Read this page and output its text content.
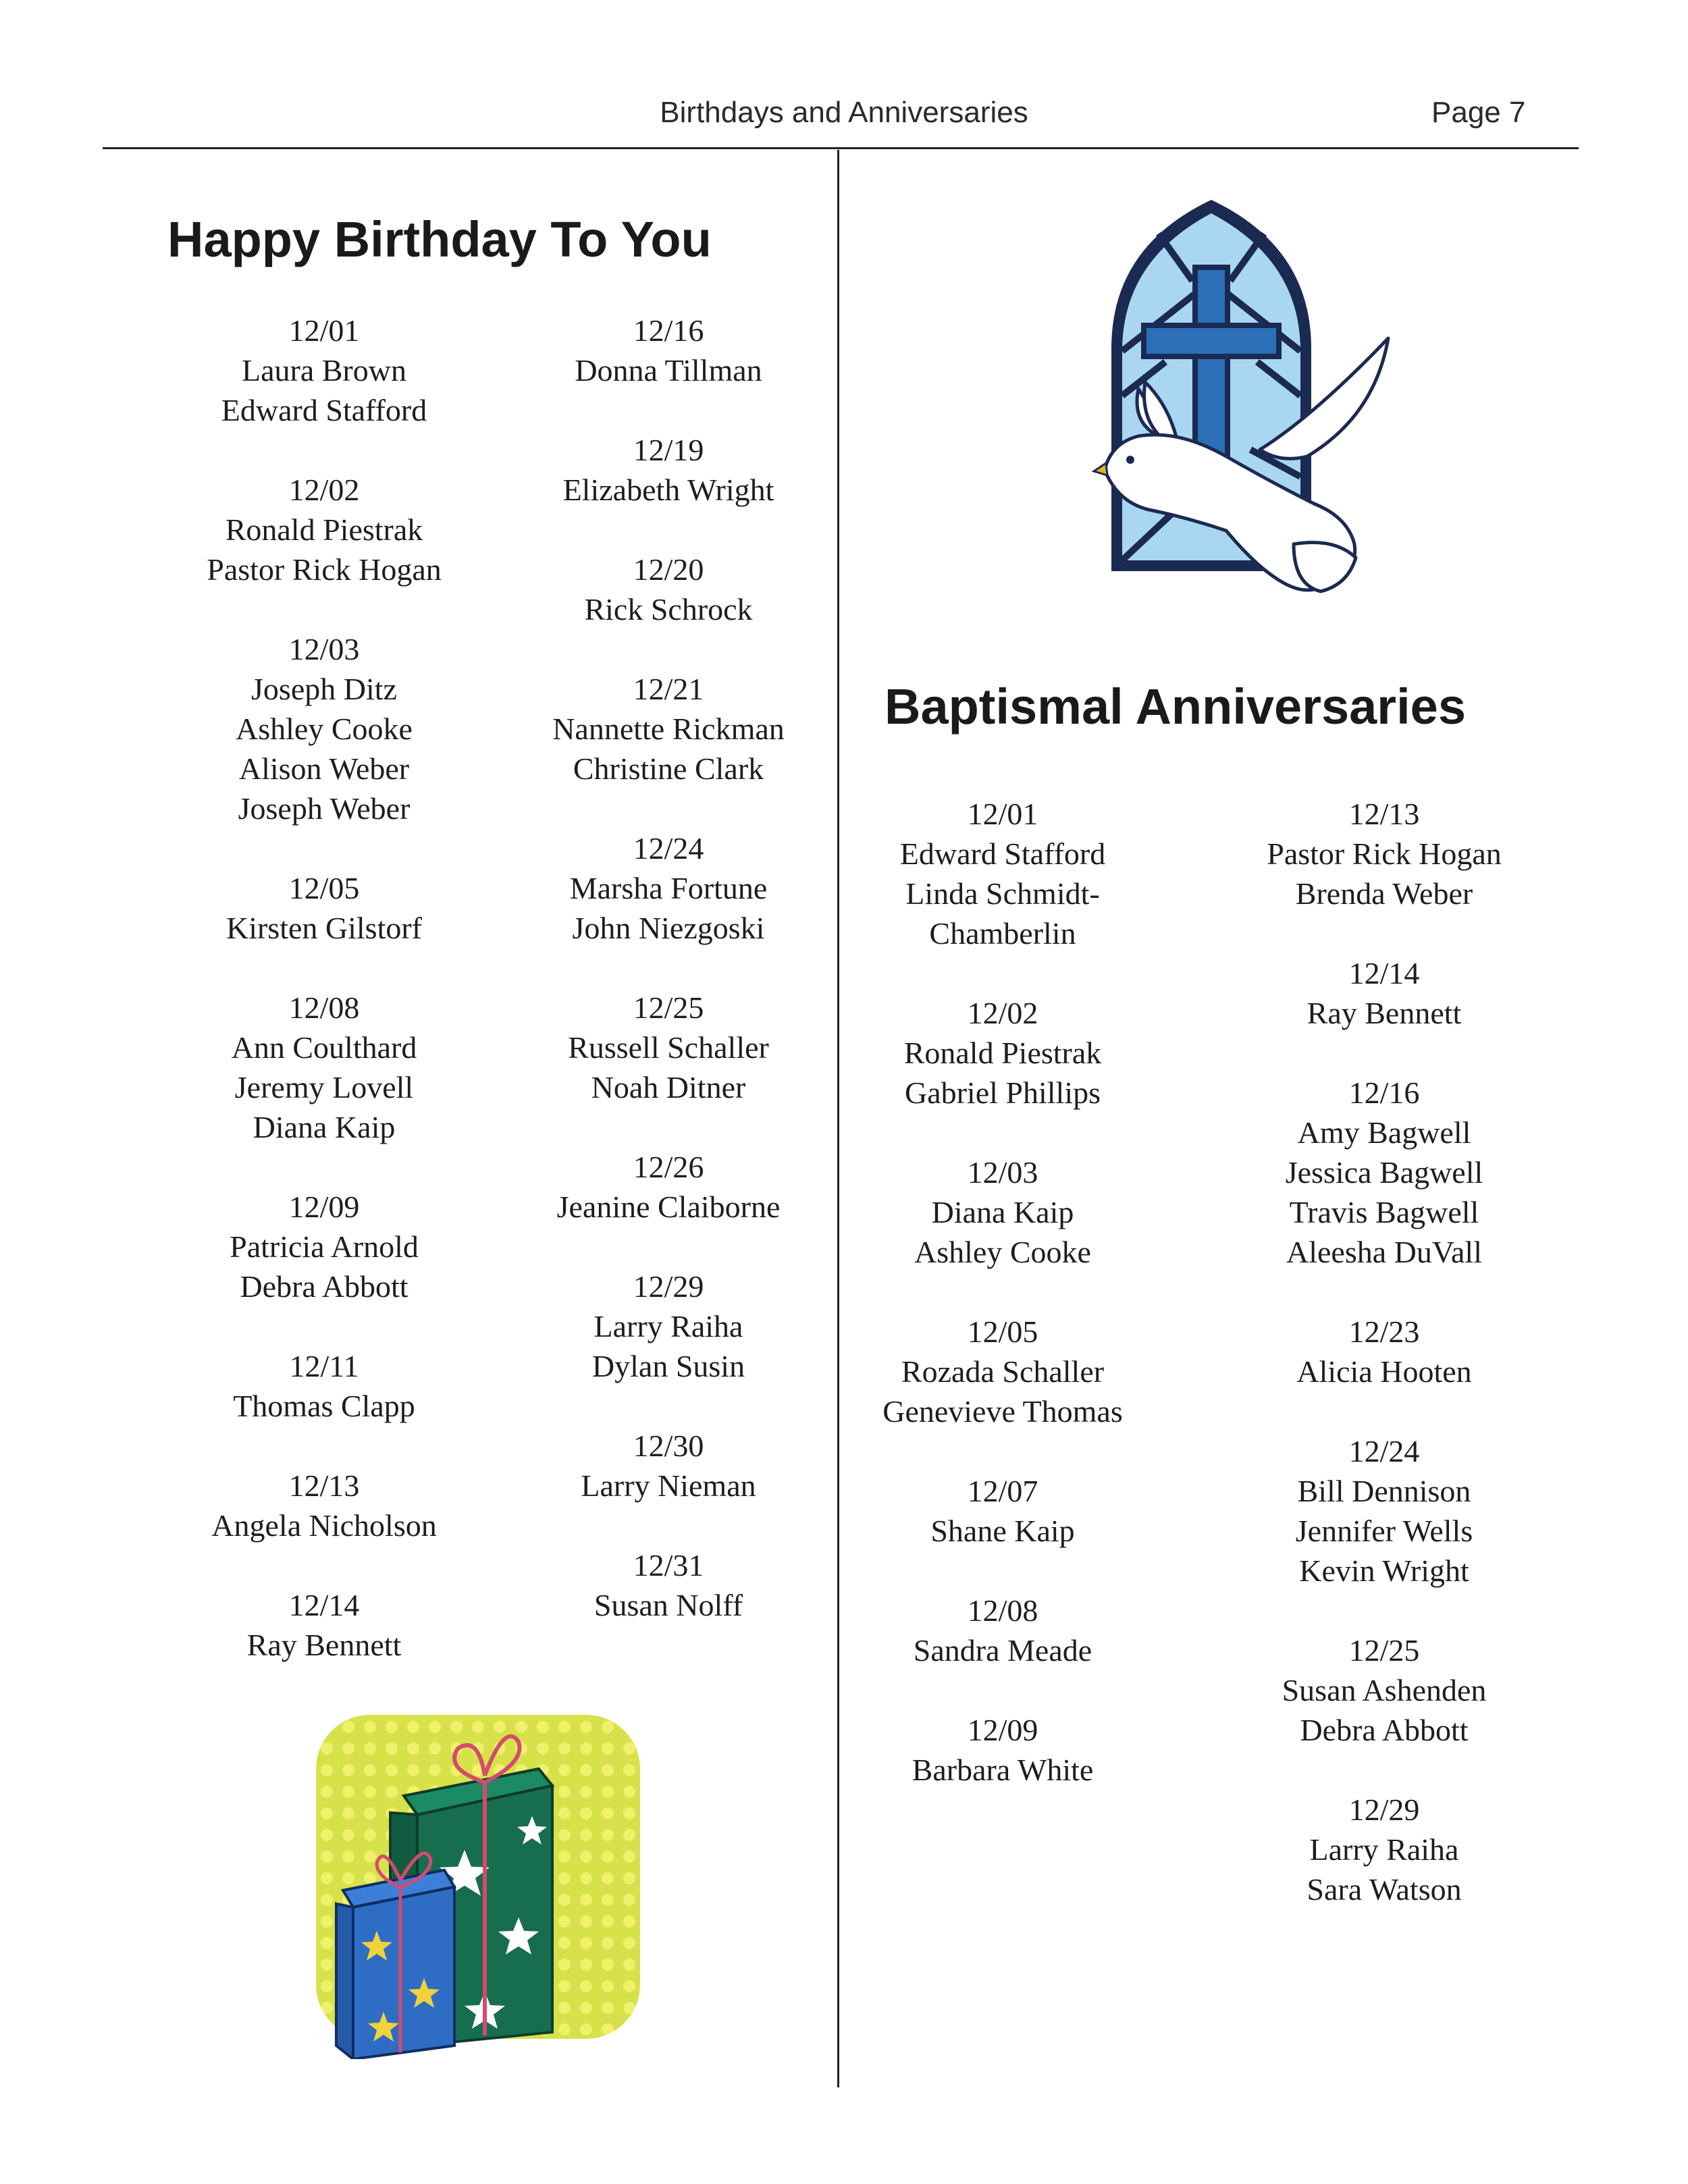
Birthdays and Anniversaries	Page 7
Happy Birthday To You
Baptismal Anniversaries
12/01
Laura Brown
Edward Stafford
12/02
Ronald Piestrak
Pastor Rick Hogan
12/03
Joseph Ditz
Ashley Cooke
Alison Weber
Joseph Weber
12/05
Kirsten Gilstorf
12/08
Ann Coulthard
Jeremy Lovell
Diana Kaip
12/09
Patricia Arnold
Debra Abbott
12/11
Thomas Clapp
12/13
Angela Nicholson
12/14
Ray Bennett
12/16
Donna Tillman
12/19
Elizabeth Wright
12/20
Rick Schrock
12/21
Nannette Rickman
Christine Clark
12/24
Marsha Fortune
John Niezgoski
12/25
Russell Schaller
Noah Ditner
12/26
Jeanine Claiborne
12/29
Larry Raiha
Dylan Susin
12/30
Larry Nieman
12/31
Susan Nolff
12/01
Edward Stafford
Linda Schmidt-
Chamberlin
12/02
Ronald Piestrak
Gabriel Phillips
12/03
Diana Kaip
Ashley Cooke
12/05
Rozada Schaller
Genevieve Thomas
12/07
Shane Kaip
12/08
Sandra Meade
12/09
Barbara White
12/13
Pastor Rick Hogan
Brenda Weber
12/14
Ray Bennett
12/16
Amy Bagwell
Jessica Bagwell
Travis Bagwell
Aleesha DuVall
12/23
Alicia Hooten
12/24
Bill Dennison
Jennifer Wells
Kevin Wright
12/25
Susan Ashenden
Debra Abbott
12/29
Larry Raiha
Sara Watson
